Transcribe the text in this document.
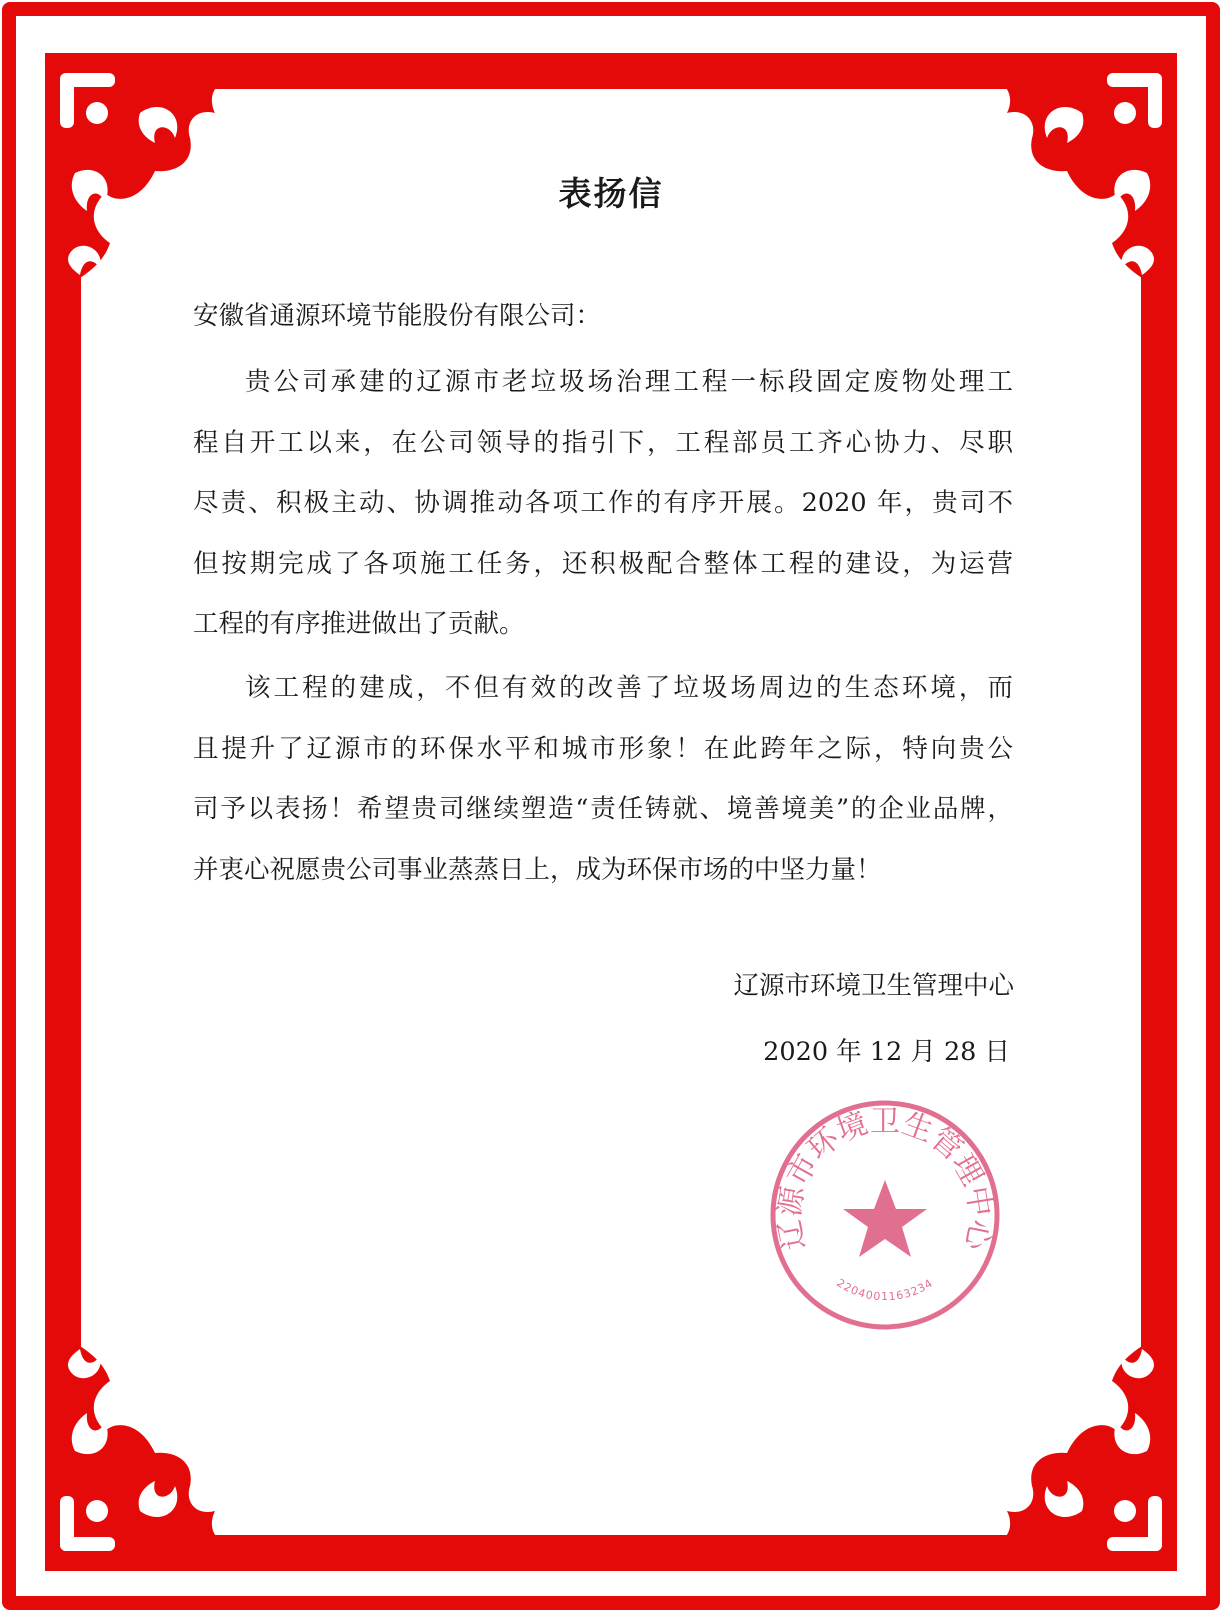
表扬信
安徽省通源环境节能股份有限公司：
贵公司承建的辽源市老垃圾场治理工程一标段固定废物处理工
程自开工以来，在公司领导的指引下，工程部员工齐心协力、尽职
尽责、积极主动、协调推动各项工作的有序开展。2020 年，贵司不
但按期完成了各项施工任务，还积极配合整体工程的建设，为运营
工程的有序推进做出了贡献。
该工程的建成，不但有效的改善了垃圾场周边的生态环境，而
且提升了辽源市的环保水平和城市形象！在此跨年之际，特向贵公
司予以表扬！希望贵司继续塑造“责任铸就、境善境美”的企业品牌，
并衷心祝愿贵公司事业蒸蒸日上，成为环保市场的中坚力量！
辽源市环境卫生管理中心
2020 年 12 月 28 日
辽源市环境卫生管理中心
2204001163234
